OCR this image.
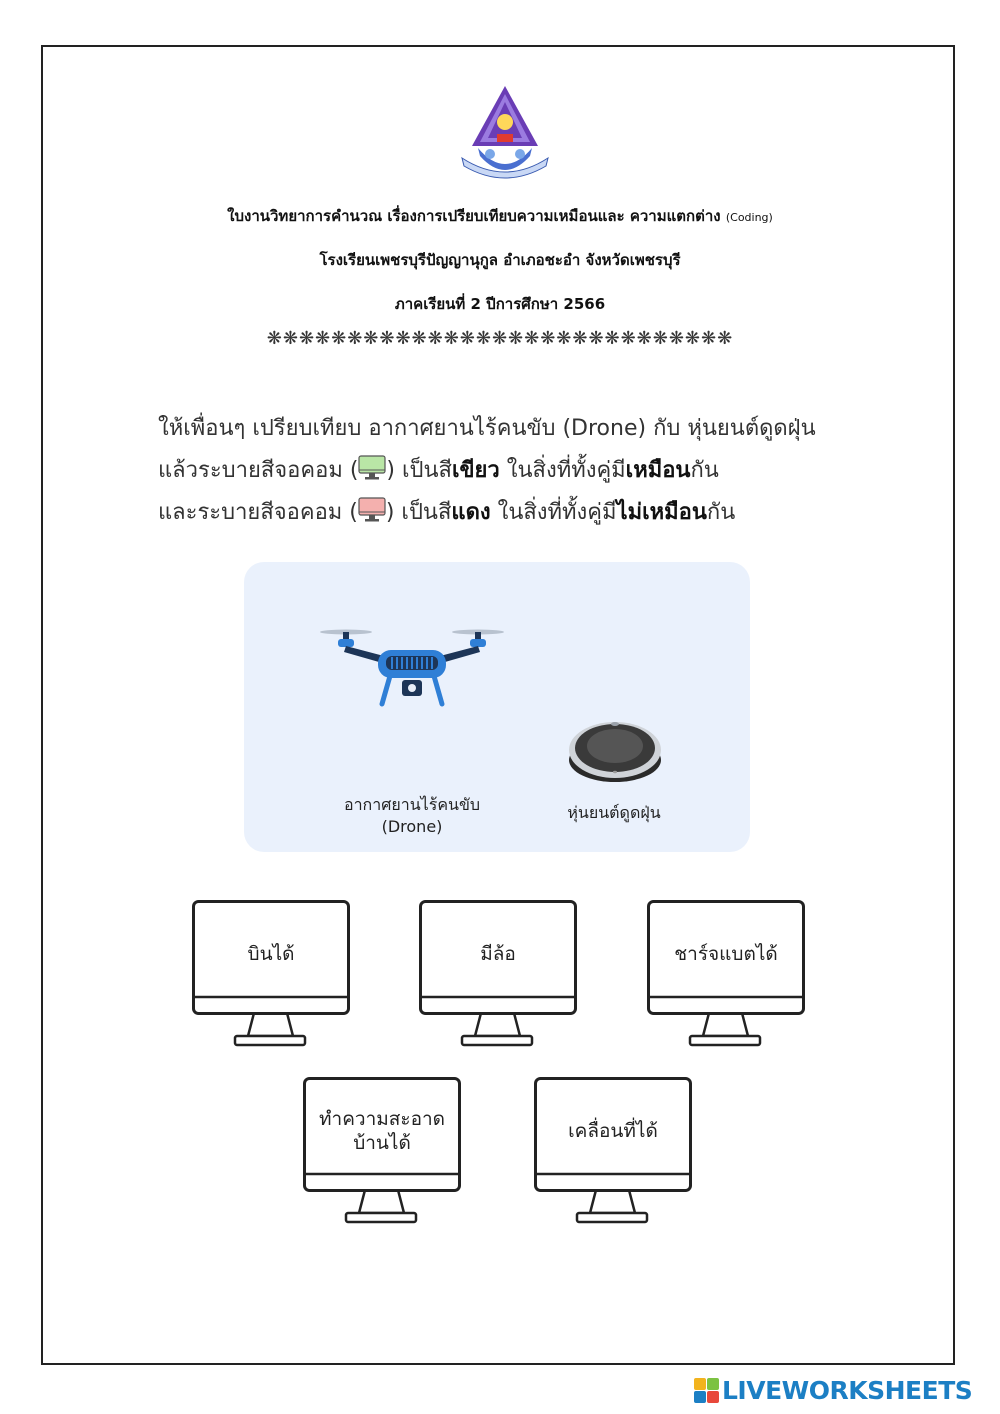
ใบงานวิทยาการคำนวณ เรื่องการเปรียบเทียบความเหมือนและ ความแตกต่าง (Coding)
โรงเรียนเพชรบุรีปัญญานุกูล อำเภอชะอำ จังหวัดเพชรบุรี
ภาคเรียนที่ 2 ปีการศึกษา 2566
❋❋❋❋❋❋❋❋❋❋❋❋❋❋❋❋❋❋❋❋❋❋❋❋❋❋❋❋❋
ให้เพื่อนๆ เปรียบเทียบ อากาศยานไร้คนขับ (Drone) กับ หุ่นยนต์ดูดฝุ่น
แล้วระบายสีจอคอม ( ) เป็นสีเขียว ในสิ่งที่ทั้งคู่มีเหมือนกัน
และระบายสีจอคอม ( ) เป็นสีแดง ในสิ่งที่ทั้งคู่มีไม่เหมือนกัน
อากาศยานไร้คนขับ
(Drone)
หุ่นยนต์ดูดฝุ่น
บินได้	มีล้อ	ชาร์จแบตได้
ทำความสะอาด
บ้านได้
เคลื่อนที่ได้
LIVEWORKSHEETS
